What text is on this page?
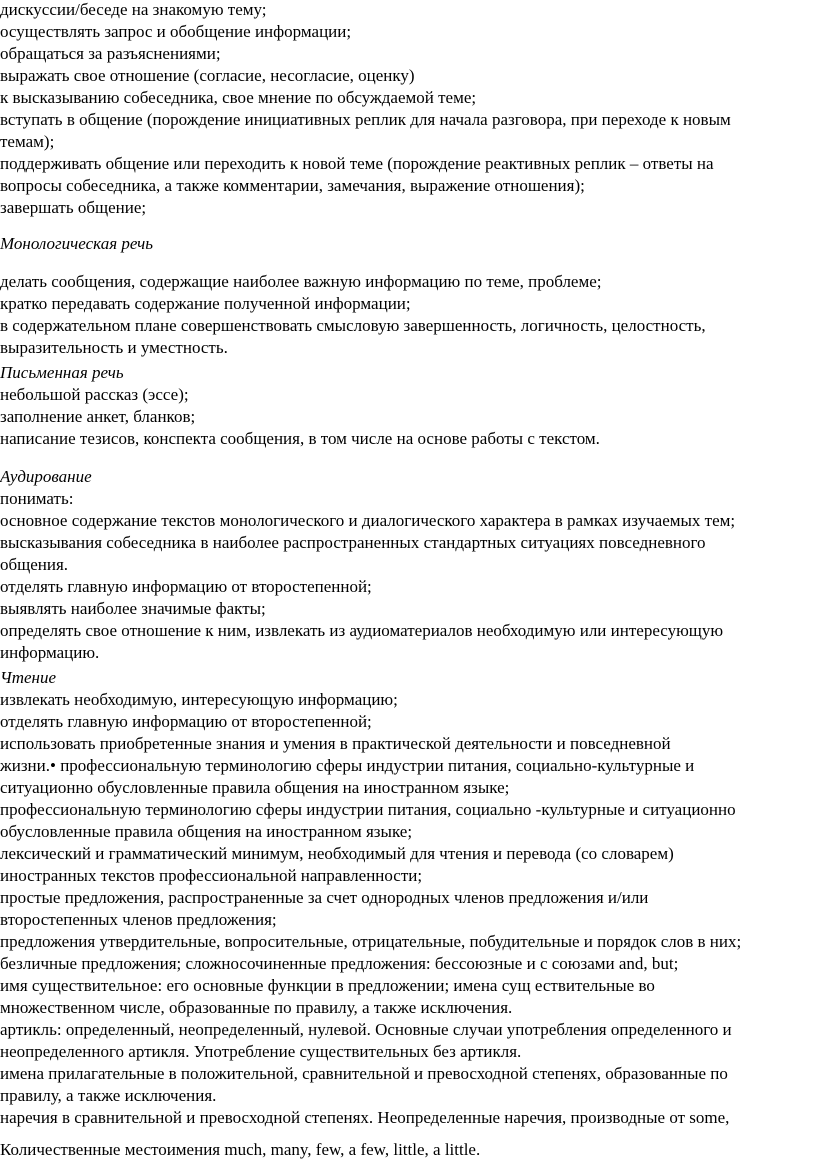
дискуссии/беседе на знакомую тему;
осуществлять запрос и обобщение информации;
обращаться за разъяснениями;
выражать свое отношение (согласие, несогласие, оценку)
к высказыванию собеседника, свое мнение по обсуждаемой теме;
вступать в общение (порождение инициативных реплик для начала разговора, при переходе к новым
темам);
поддерживать общение или переходить к новой теме (порождение реактивных реплик – ответы на
вопросы собеседника, а также комментарии, замечания, выражение отношения);
завершать общение;
Монологическая речь
делать сообщения, содержащие наиболее важную информацию по теме, проблеме;
кратко передавать содержание полученной информации;
в содержательном плане совершенствовать смысловую завершенность, логичность, целостность,
выразительность и уместность.
Письменная речь
небольшой рассказ (эссе);
заполнение анкет, бланков;
написание тезисов, конспекта сообщения, в том числе на основе работы с текстом.
Аудирование
понимать:
основное содержание текстов монологического и диалогического характера в рамках изучаемых тем;
высказывания собеседника в наиболее распространенных стандартных ситуациях повседневного
общения.
отделять главную информацию от второстепенной;
выявлять наиболее значимые факты;
определять свое отношение к ним, извлекать из аудиоматериалов необходимую или интересующую
информацию.
Чтение
извлекать необходимую, интересующую информацию;
отделять главную информацию от второстепенной;
использовать приобретенные знания и умения в практической деятельности и повседневной
жизни.• профессиональную терминологию сферы индустрии питания, социально-культурные и
ситуационно обусловленные правила общения на иностранном языке;
профессиональную терминологию сферы индустрии питания, социально -культурные и ситуационно
обусловленные правила общения на иностранном языке;
лексический и грамматический минимум, необходимый для чтения и перевода (со словарем)
иностранных текстов профессиональной направленности;
простые предложения, распространенные за счет однородных членов предложения и/или
второстепенных членов предложения;
предложения утвердительные, вопросительные, отрицательные, побудительные и порядок слов в них;
безличные предложения; сложносочиненные предложения: бессоюзные и с союзами and, but;
имя существительное: его основные функции в предложении; имена сущ ествительные во
множественном числе, образованные по правилу, а также исключения.
артикль: определенный, неопределенный, нулевой. Основные случаи употребления определенного и
неопределенного артикля. Употребление существительных без артикля.
имена прилагательные в положительной, сравнительной и превосходной степенях, образованные по
правилу, а также исключения.
наречия в сравнительной и превосходной степенях. Неопределенные наречия, производные от some,
Количественные местоимения much, many, few, a few, little, a little.
